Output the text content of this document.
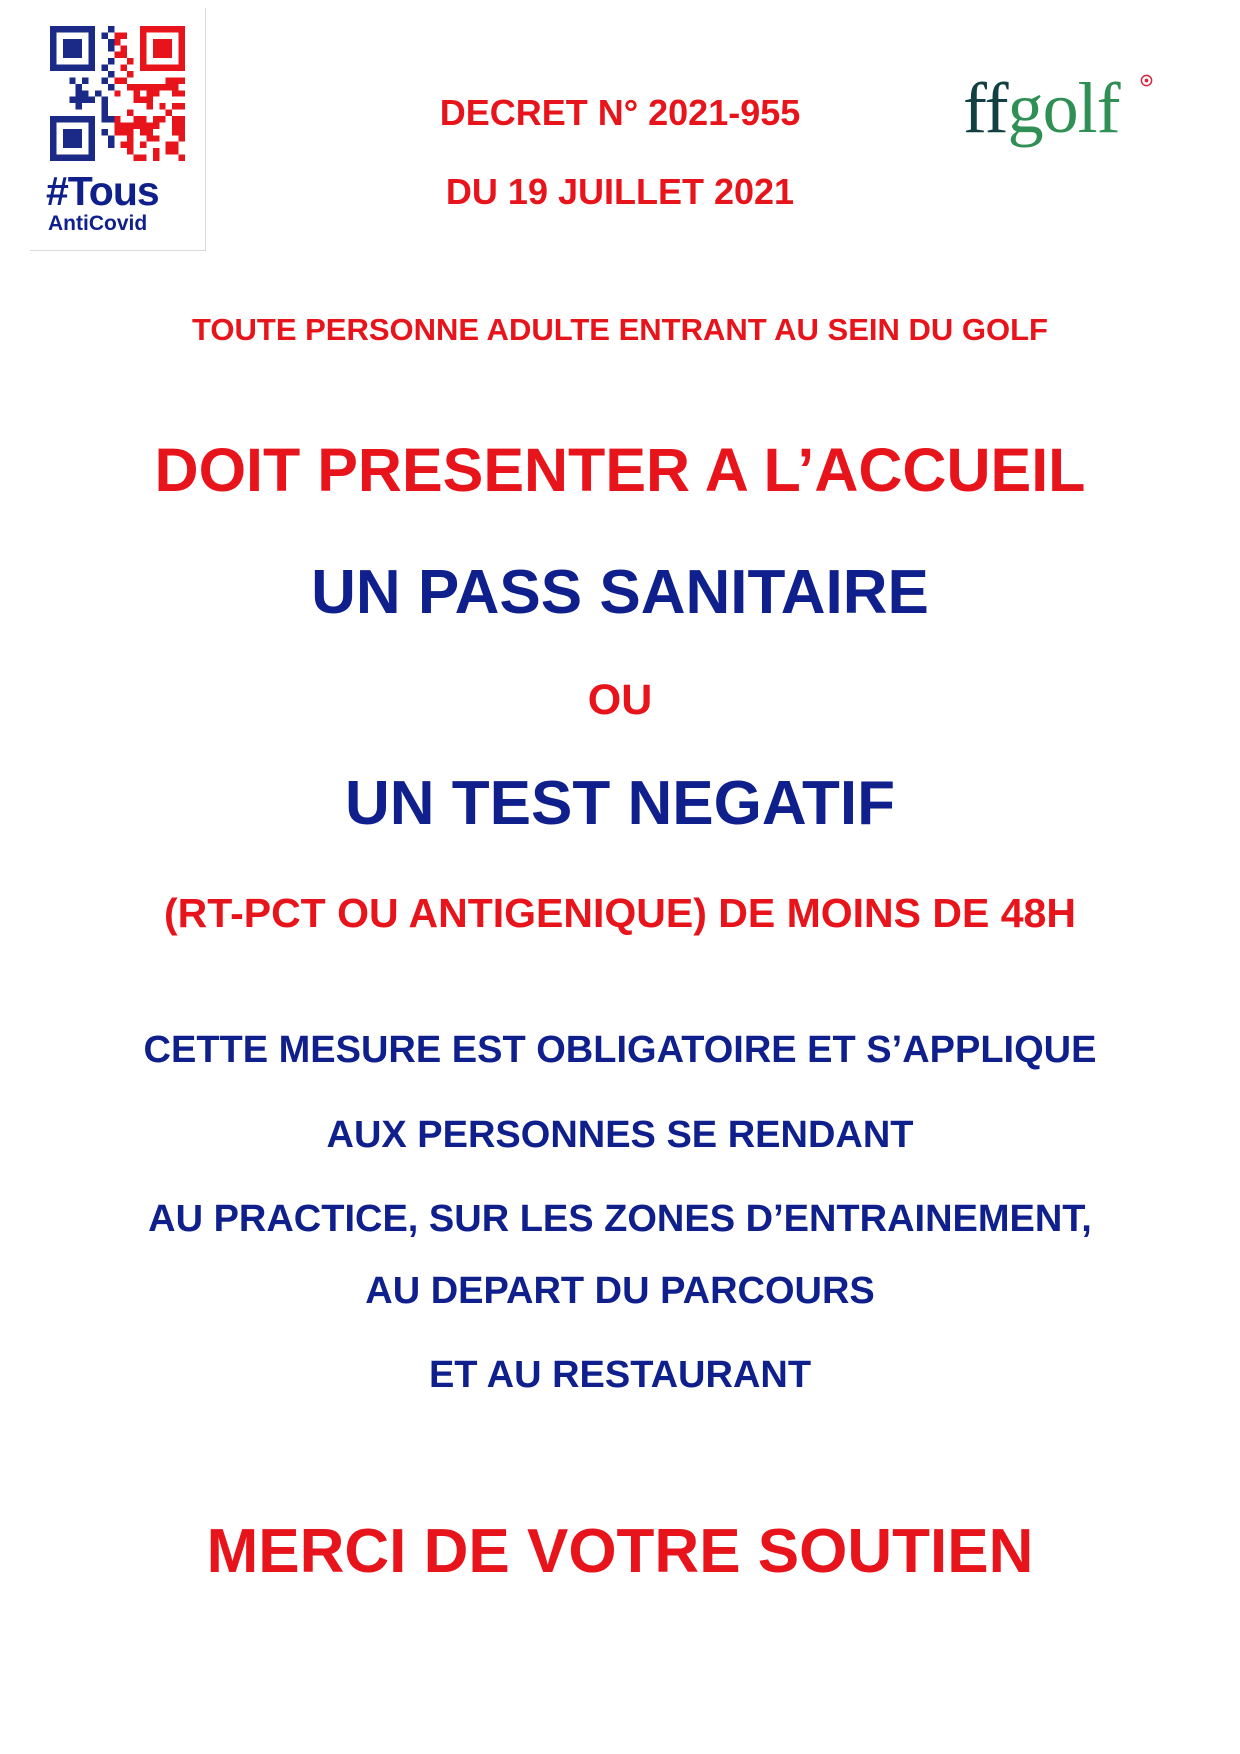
#Tous
AntiCovid
DECRET N° 2021-955
DU 19 JUILLET 2021
ffgolf
TOUTE PERSONNE ADULTE ENTRANT AU SEIN DU GOLF
DOIT PRESENTER A L’ACCUEIL
UN PASS SANITAIRE
OU
UN TEST NEGATIF
(RT-PCT OU ANTIGENIQUE) DE MOINS DE 48H
CETTE MESURE EST OBLIGATOIRE ET S’APPLIQUE
AUX PERSONNES SE RENDANT
AU PRACTICE, SUR LES ZONES D’ENTRAINEMENT,
AU DEPART DU PARCOURS
ET AU RESTAURANT
MERCI DE VOTRE SOUTIEN
